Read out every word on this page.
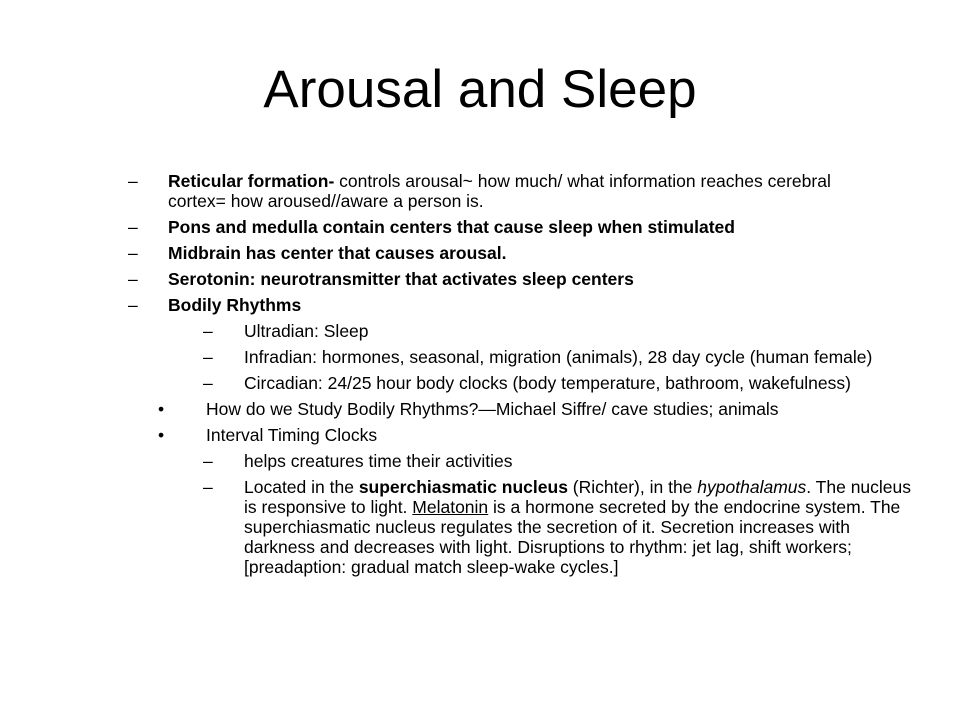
Arousal and Sleep
– Reticular formation- controls arousal~ how much/ what information reaches cerebral cortex= how aroused//aware a person is.
– Pons and medulla contain centers that cause sleep when stimulated
– Midbrain has center that causes arousal.
– Serotonin: neurotransmitter that activates sleep centers
– Bodily Rhythms
– Ultradian: Sleep
– Infradian: hormones, seasonal, migration (animals), 28 day cycle (human female)
– Circadian: 24/25 hour body clocks (body temperature, bathroom, wakefulness)
• How do we Study Bodily Rhythms?—Michael Siffre/ cave studies; animals
• Interval Timing Clocks
– helps creatures time their activities
– Located in the superchiasmatic nucleus (Richter), in the hypothalamus. The nucleus is responsive to light. Melatonin is a hormone secreted by the endocrine system. The superchiasmatic nucleus regulates the secretion of it. Secretion increases with darkness and decreases with light. Disruptions to rhythm: jet lag, shift workers; [preadaption: gradual match sleep-wake cycles.]
